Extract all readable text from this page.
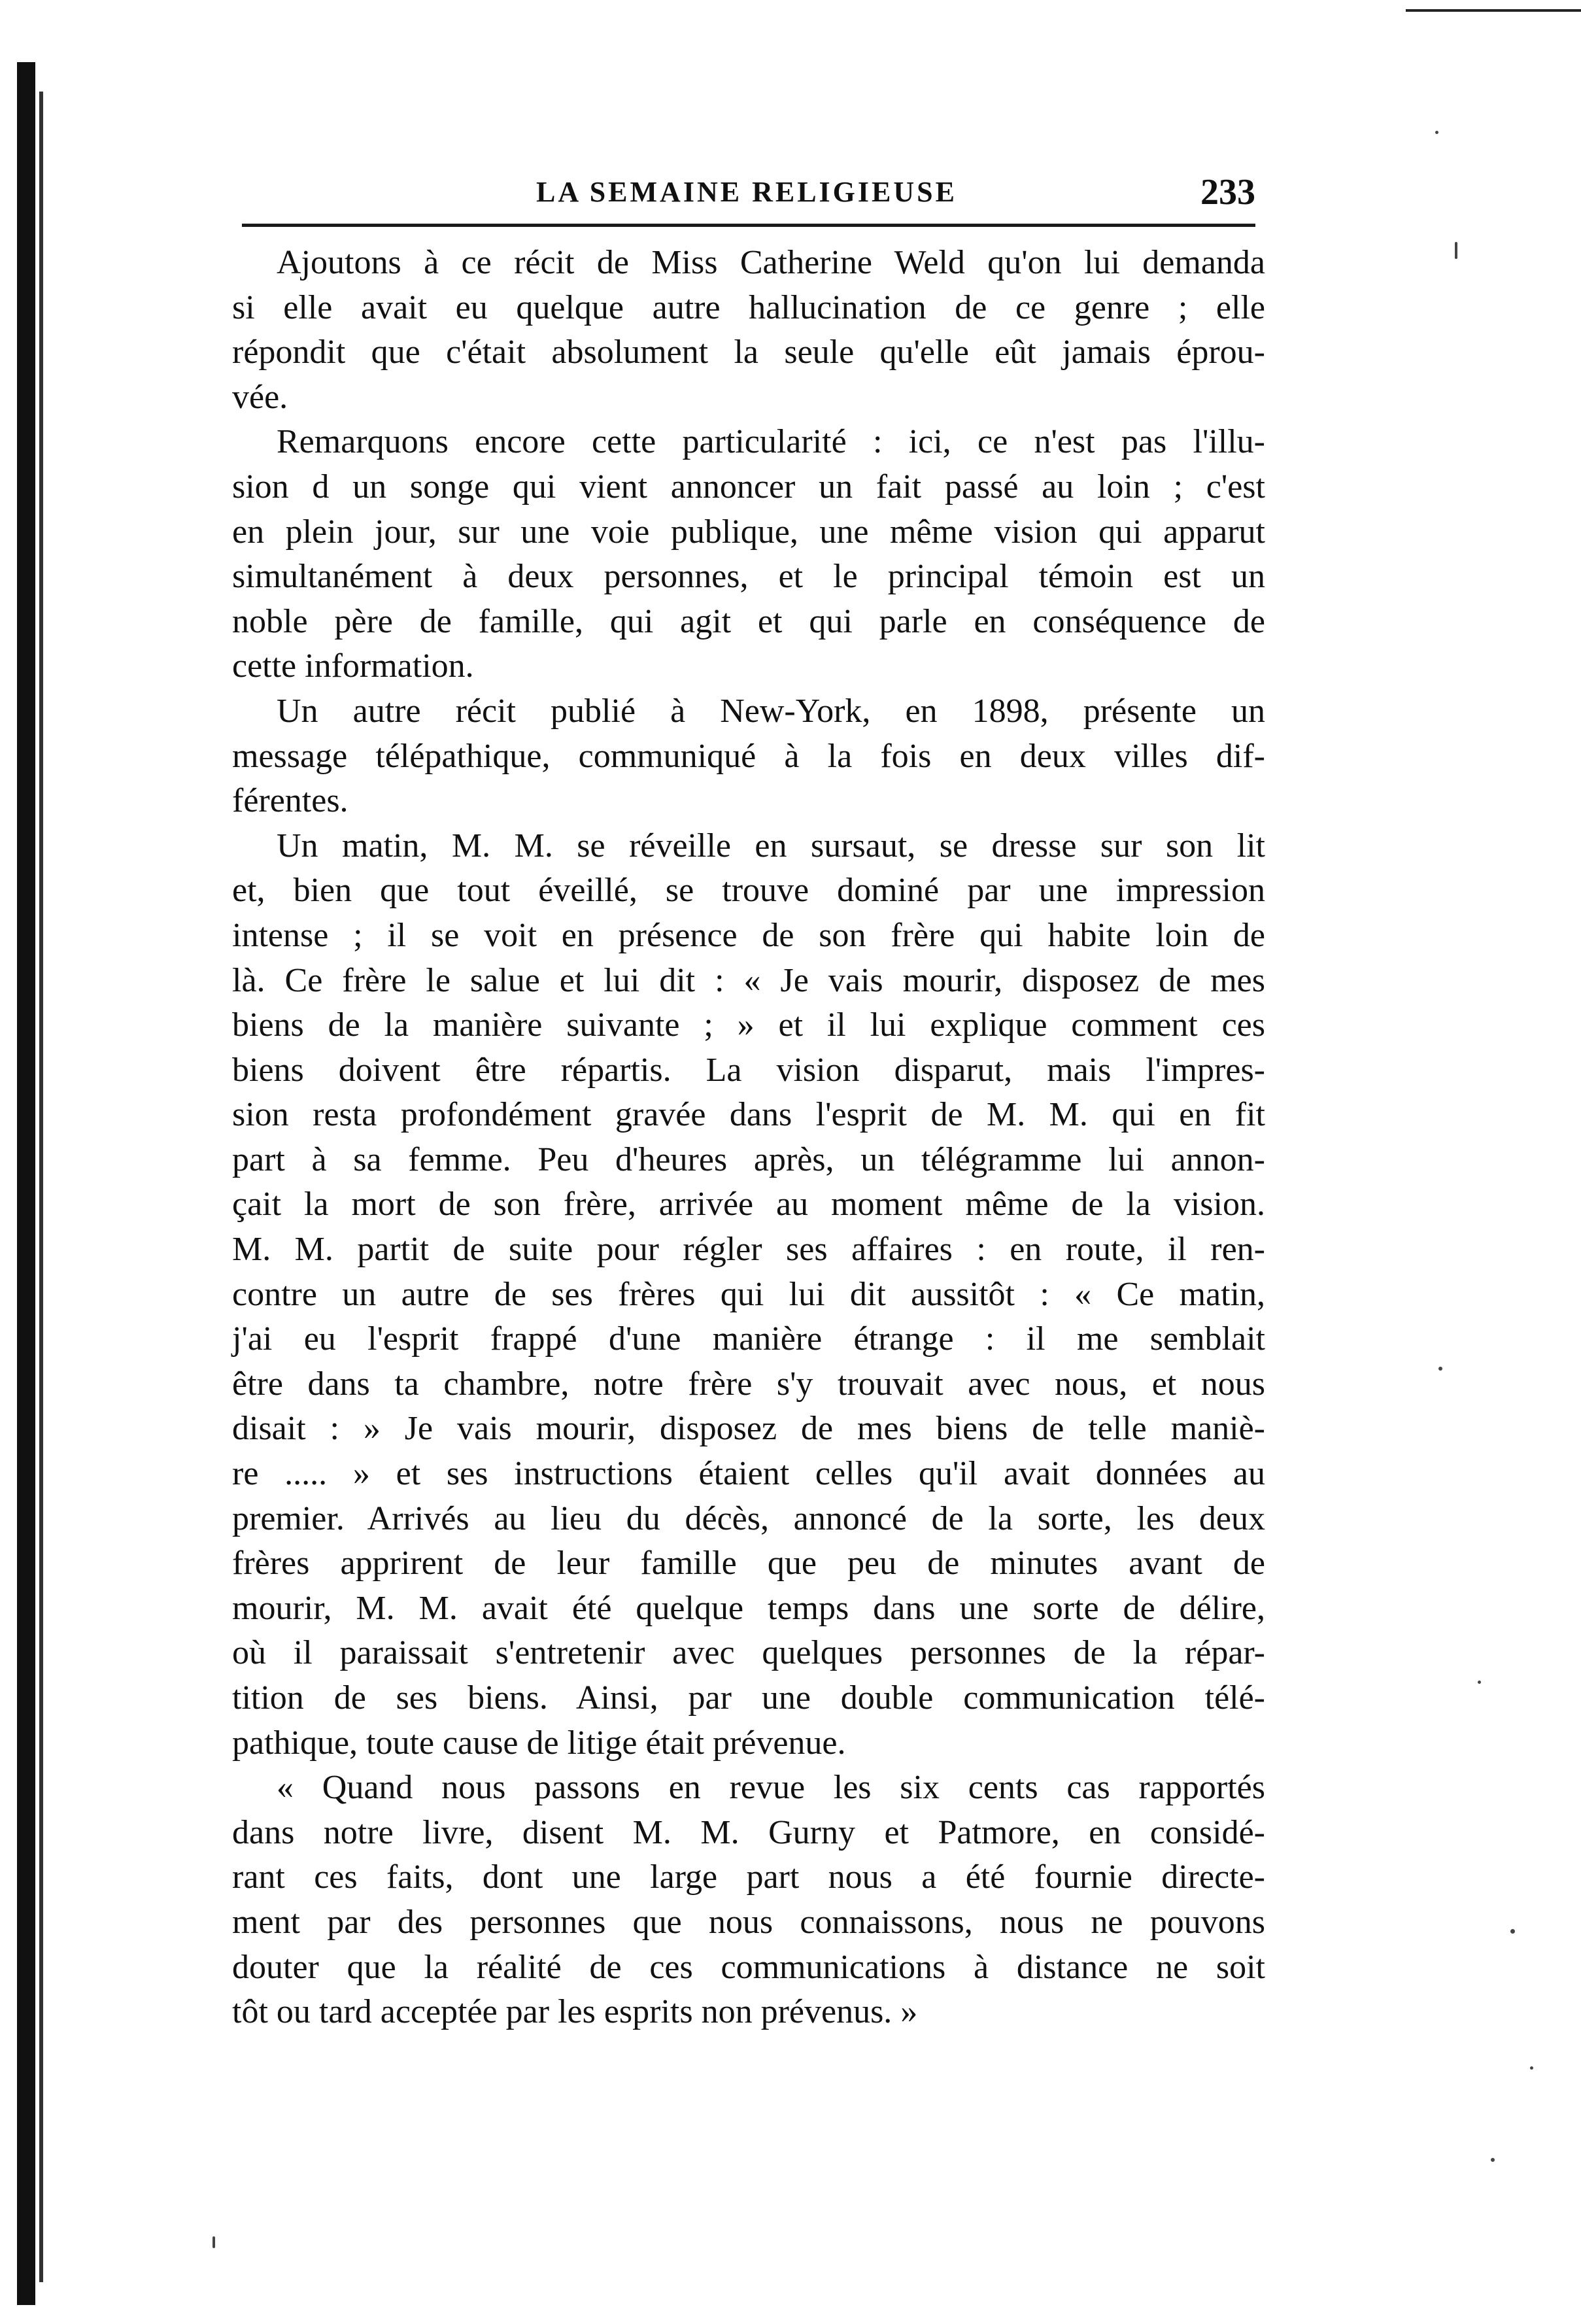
LA SEMAINE RELIGIEUSE	233
Ajoutons à ce récit de Miss Catherine Weld qu'on lui demanda
si elle avait eu quelque autre hallucination de ce genre ; elle
répondit que c'était absolument la seule qu'elle eût jamais éprou-
vée.
Remarquons encore cette particularité : ici, ce n'est pas l'illu-
sion d un songe qui vient annoncer un fait passé au loin ; c'est
en plein jour, sur une voie publique, une même vision qui apparut
simultanément à deux personnes, et le principal témoin est un
noble père de famille, qui agit et qui parle en conséquence de
cette information.
Un autre récit publié à New-York, en 1898, présente un
message télépathique, communiqué à la fois en deux villes dif-
férentes.
Un matin, M. M. se réveille en sursaut, se dresse sur son lit
et, bien que tout éveillé, se trouve dominé par une impression
intense ; il se voit en présence de son frère qui habite loin de
là. Ce frère le salue et lui dit : « Je vais mourir, disposez de mes
biens de la manière suivante ; » et il lui explique comment ces
biens doivent être répartis. La vision disparut, mais l'impres-
sion resta profondément gravée dans l'esprit de M. M. qui en fit
part à sa femme. Peu d'heures après, un télégramme lui annon-
çait la mort de son frère, arrivée au moment même de la vision.
M. M. partit de suite pour régler ses affaires : en route, il ren-
contre un autre de ses frères qui lui dit aussitôt : « Ce matin,
j'ai eu l'esprit frappé d'une manière étrange : il me semblait
être dans ta chambre, notre frère s'y trouvait avec nous, et nous
disait : » Je vais mourir, disposez de mes biens de telle maniè-
re ..... » et ses instructions étaient celles qu'il avait données au
premier. Arrivés au lieu du décès, annoncé de la sorte, les deux
frères apprirent de leur famille que peu de minutes avant de
mourir, M. M. avait été quelque temps dans une sorte de délire,
où il paraissait s'entretenir avec quelques personnes de la répar-
tition de ses biens. Ainsi, par une double communication télé-
pathique, toute cause de litige était prévenue.
« Quand nous passons en revue les six cents cas rapportés
dans notre livre, disent M. M. Gurny et Patmore, en considé-
rant ces faits, dont une large part nous a été fournie directe-
ment par des personnes que nous connaissons, nous ne pouvons
douter que la réalité de ces communications à distance ne soit
tôt ou tard acceptée par les esprits non prévenus. »
